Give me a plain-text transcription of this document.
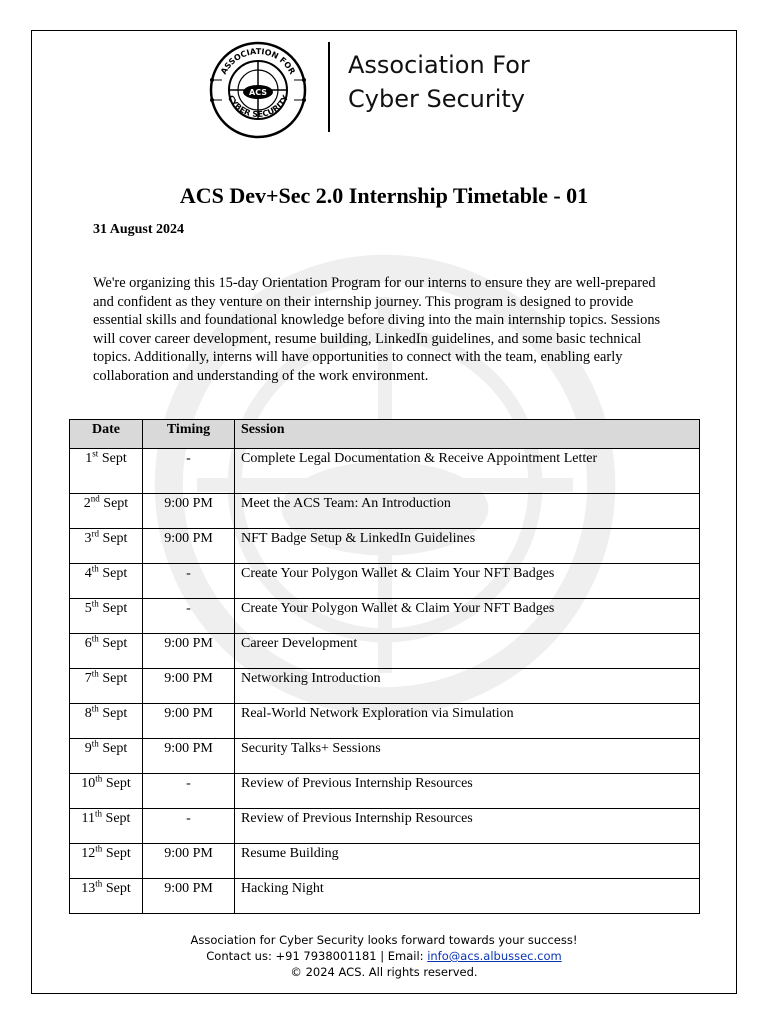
ACS
ASSOCIATION FOR
CYBER SECURITY
Association For
Cyber Security
ACS Dev+Sec 2.0 Internship Timetable - 01
31 August 2024
We're organizing this 15-day Orientation Program for our interns to ensure they are well-prepared and confident as they venture on their internship journey. This program is designed to provide essential skills and foundational knowledge before diving into the main internship topics. Sessions will cover career development, resume building, LinkedIn guidelines, and some basic technical topics. Additionally, interns will have opportunities to connect with the team, enabling early collaboration and understanding of the work environment.
Date	Timing	Session
1st Sept	-	Complete Legal Documentation & Receive Appointment Letter
2nd Sept	9:00 PM	Meet the ACS Team: An Introduction
3rd Sept	9:00 PM	NFT Badge Setup & LinkedIn Guidelines
4th Sept	-	Create Your Polygon Wallet & Claim Your NFT Badges
5th Sept	-	Create Your Polygon Wallet & Claim Your NFT Badges
6th Sept	9:00 PM	Career Development
7th Sept	9:00 PM	Networking Introduction
8th Sept	9:00 PM	Real-World Network Exploration via Simulation
9th Sept	9:00 PM	Security Talks+ Sessions
10th Sept	-	Review of Previous Internship Resources
11th Sept	-	Review of Previous Internship Resources
12th Sept	9:00 PM	Resume Building
13th Sept	9:00 PM	Hacking Night
Association for Cyber Security looks forward towards your success!
Contact us: +91 7938001181 | Email: info@acs.albussec.com
© 2024 ACS. All rights reserved.
